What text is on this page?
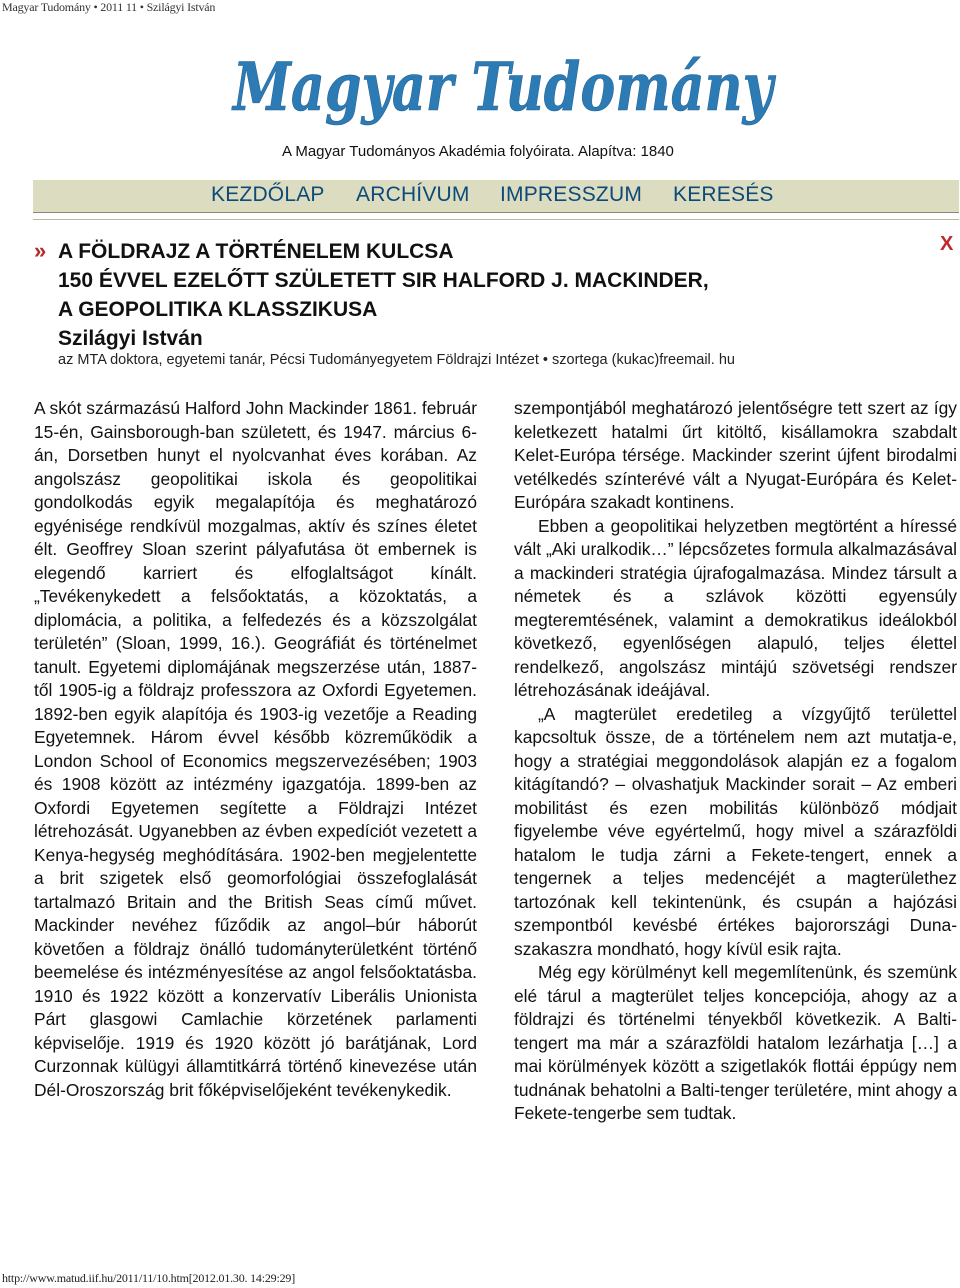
Magyar Tudomány • 2011 11 • Szilágyi István
Magyar Tudomány
A Magyar Tudományos Akadémia folyóirata. Alapítva: 1840
KEZDŐLAP ARCHÍVUM IMPRESSZUM KERESÉS
X
» A FÖLDRAJZ A TÖRTÉNELEM KULCSA
150 ÉVVEL EZELŐTT SZÜLETETT SIR HALFORD J. MACKINDER,
A GEOPOLITIKA KLASSZIKUSA
Szilágyi István
az MTA doktora, egyetemi tanár, Pécsi Tudományegyetem Földrajzi Intézet • szortega (kukac)freemail. hu

A skót származású Halford John Mackinder 1861. február 15-én, Gainsborough-ban született, és 1947. március 6-án, Dorsetben hunyt el nyolcvanhat éves korában. Az angolszász geopolitikai iskola és geopolitikai gondolkodás egyik megalapítója és meghatározó egyénisége rendkívül mozgalmas, aktív és színes életet élt. Geoffrey Sloan szerint pályafutása öt embernek is elegendő karriert és elfoglaltságot kínált. „Tevékenykedett a felsőoktatás, a közoktatás, a diplomácia, a politika, a felfedezés és a közszolgálat területén” (Sloan, 1999, 16.). Geográfiát és történelmet tanult. Egyetemi diplomájának megszerzése után, 1887-től 1905-ig a földrajz professzora az Oxfordi Egyetemen. 1892-ben egyik alapítója és 1903-ig vezetője a Reading Egyetemnek. Három évvel később közreműködik a London School of Economics megszervezésében; 1903 és 1908 között az intézmény igazgatója. 1899-ben az Oxfordi Egyetemen segítette a Földrajzi Intézet létrehozását. Ugyanebben az évben expedíciót vezetett a Kenya-hegység meghódítására. 1902-ben megjelentette a brit szigetek első geomorfológiai összefoglalását tartalmazó Britain and the British Seas című művet. Mackinder nevéhez fűződik az angol–búr háborút követően a földrajz önálló tudományterületként történő beemelése és intézményesítése az angol felsőoktatásba. 1910 és 1922 között a konzervatív Liberális Unionista Párt glasgowi Camlachie körzetének parlamenti képviselője. 1919 és 1920 között jó barátjának, Lord Curzonnak külügyi államtitkárrá történő kinevezése után Dél-Oroszország brit főképviselőjeként tevékenykedik.

szempontjából meghatározó jelentőségre tett szert az így keletkezett hatalmi űrt kitöltő, kisállamokra szabdalt Kelet-Európa térsége. Mackinder szerint újfent birodalmi vetélkedés színterévé vált a Nyugat-Európára és Kelet-Európára szakadt kontinens.

Ebben a geopolitikai helyzetben megtörtént a híressé vált „Aki uralkodik…” lépcsőzetes formula alkalmazásával a mackinderi stratégia újrafogalmazása. Mindez társult a németek és a szlávok közötti egyensúly megteremtésének, valamint a demokratikus ideálokból következő, egyenlőségen alapuló, teljes élettel rendelkező, angolszász mintájú szövetségi rendszer létrehozásának ideájával.

„A magterület eredetileg a vízgyűjtő területtel kapcsoltuk össze, de a történelem nem azt mutatja-e, hogy a stratégiai meggondolások alapján ez a fogalom kitágítandó? – olvashatjuk Mackinder sorait – Az emberi mobilitást és ezen mobilitás különböző módjait figyelembe véve egyértelmű, hogy mivel a szárazföldi hatalom le tudja zárni a Fekete-tengert, ennek a tengernek a teljes medencéjét a magterülethez tartozónak kell tekintenünk, és csupán a hajózási szempontból kevésbé értékes bajorországi Duna-szakaszra mondható, hogy kívül esik rajta.

Még egy körülményt kell megemlítenünk, és szemünk elé tárul a magterület teljes koncepciója, ahogy az a földrajzi és történelmi tényekből következik. A Balti-tengert ma már a szárazföldi hatalom lezárhatja […] a mai körülmények között a szigetlakók flottái éppúgy nem tudnának behatolni a Balti-tenger területére, mint ahogy a Fekete-tengerbe sem tudtak.

http://www.matud.iif.hu/2011/11/10.htm[2012.01.30. 14:29:29]
